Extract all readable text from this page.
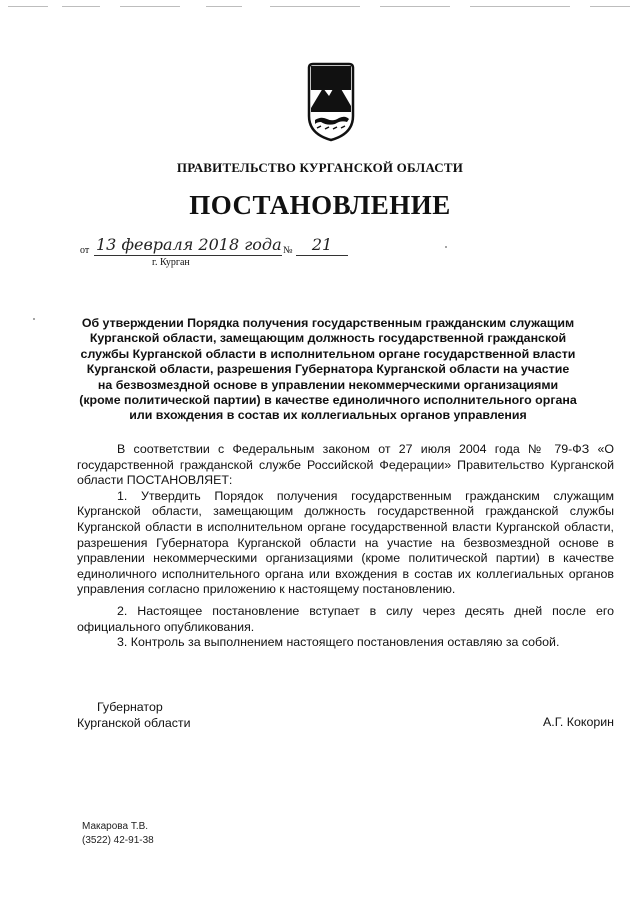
ПРАВИТЕЛЬСТВО КУРГАНСКОЙ ОБЛАСТИ
ПОСТАНОВЛЕНИЕ
от 13 февраля 2018 года №	21
г. Курган
Об утверждении Порядка получения государственным гражданским служащим Курганской области, замещающим должность государственной гражданской службы Курганской области в исполнительном органе государственной власти Курганской области, разрешения Губернатора Курганской области на участие на безвозмездной основе в управлении некоммерческими организациями (кроме политической партии) в качестве единоличного исполнительного органа или вхождения в состав их коллегиальных органов управления

В соответствии с Федеральным законом от 27 июля 2004 года № 79-ФЗ «О государственной гражданской службе Российской Федерации» Правительство Курганской области ПОСТАНОВЛЯЕТ:

1. Утвердить Порядок получения государственным гражданским служащим Курганской области, замещающим должность государственной гражданской службы Курганской области в исполнительном органе государственной власти Курганской области, разрешения Губернатора Курганской области на участие на безвозмездной основе в управлении некоммерческими организациями (кроме политической партии) в качестве единоличного исполнительного органа или вхождения в состав их коллегиальных органов управления согласно приложению к настоящему постановлению.

2. Настоящее постановление вступает в силу через десять дней после его официального опубликования.

3. Контроль за выполнением настоящего постановления оставляю за собой.

Губернатор
Курганской области	А.Г. Кокорин
Макарова Т.В.
(3522) 42-91-38
